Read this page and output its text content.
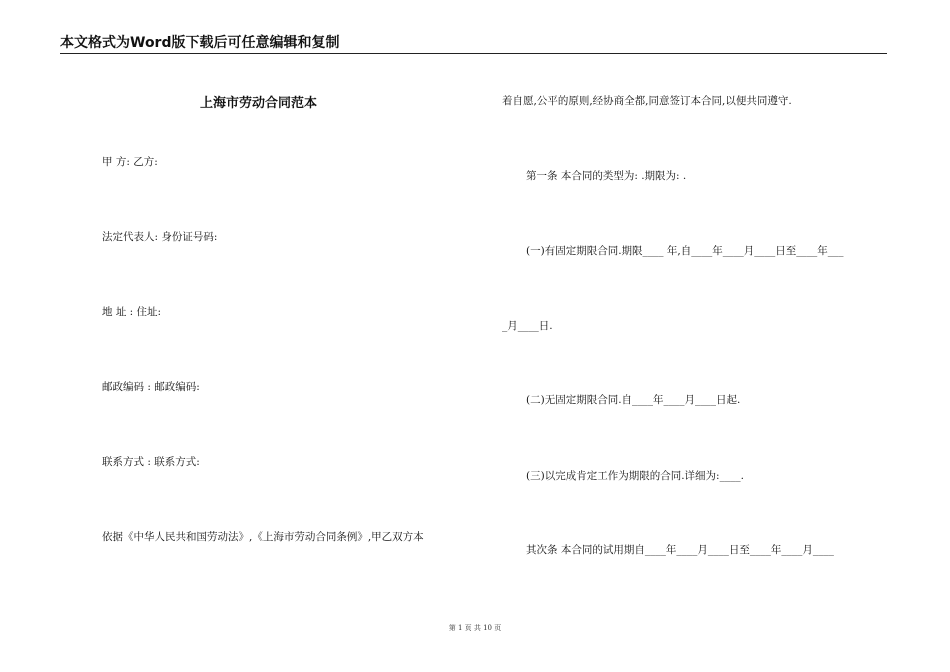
本文格式为Word版下载后可任意编辑和复制
上海市劳动合同范本
甲 方: 乙方:
法定代表人: 身份证号码:
地 址 : 住址:
邮政编码 : 邮政编码:
联系方式 : 联系方式:
依据《中华人民共和国劳动法》,《上海市劳动合同条例》,甲乙双方本
着自愿,公平的原则,经协商全都,同意签订本合同,以便共同遵守.
第一条 本合同的类型为: .期限为: .
(一)有固定期限合同.期限____ 年,自____年____月____日至____年___
_月____日.
(二)无固定期限合同.自____年____月____日起.
(三)以完成肯定工作为期限的合同.详细为:____.
其次条 本合同的试用期自____年____月____日至____年____月____
第 1 页 共 10 页
